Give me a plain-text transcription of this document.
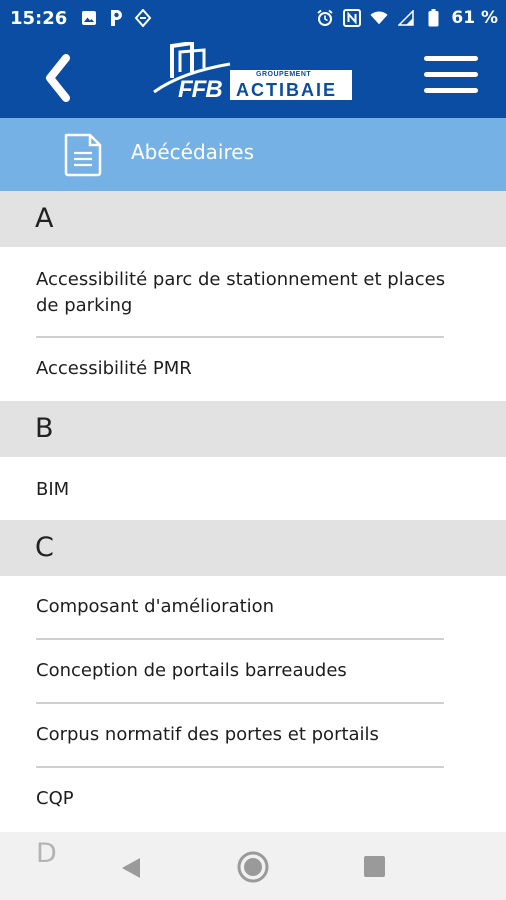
15:26	61 %
FFB
GROUPEMENT
ACTIBAIE
Abécédaires
A
Accessibilité parc de stationnement et places de parking
Accessibilité PMR
B
BIM
C
Composant d'amélioration
Conception de portails barreaudes
Corpus normatif des portes et portails
CQP
D
